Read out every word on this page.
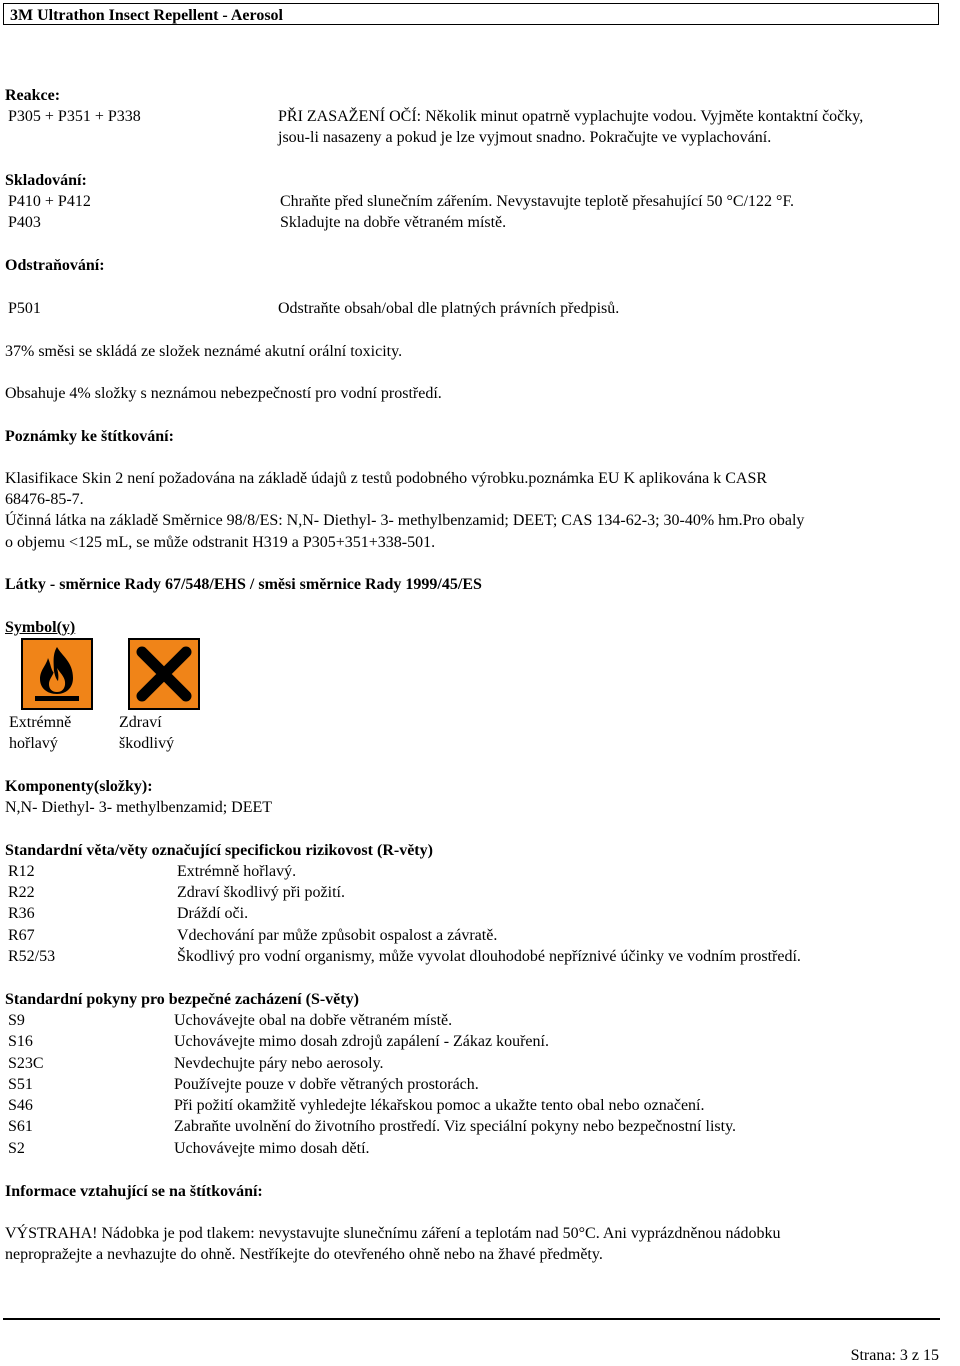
3M Ultrathon Insect Repellent - Aerosol
Reakce:
P305 + P351 + P338	PŘI ZASAŽENÍ OČÍ: Několik minut opatrně vyplachujte vodou. Vyjměte kontaktní čočky,
jsou-li nasazeny a pokud je lze vyjmout snadno. Pokračujte ve vyplachování.
Skladování:
P410 + P412	Chraňte před slunečním zářením. Nevystavujte teplotě přesahující 50 °C/122 °F.
P403	Skladujte na dobře větraném místě.
Odstraňování:
P501	Odstraňte obsah/obal dle platných právních předpisů.
37% směsi se skládá ze složek neznámé akutní orální toxicity.
Obsahuje 4% složky s neznámou nebezpečností pro vodní prostředí.
Poznámky ke štítkování:
Klasifikace Skin 2 není požadována na základě údajů z testů podobného výrobku.poznámka EU K aplikována k CASR
68476-85-7.
Účinná látka na základě Směrnice 98/8/ES: N,N- Diethyl- 3- methylbenzamid; DEET; CAS 134-62-3; 30-40% hm.Pro obaly
o objemu <125 mL, se může odstranit H319 a P305+351+338-501.
Látky - směrnice Rady 67/548/EHS / směsi směrnice Rady 1999/45/ES
Symbol(y)
Extrémně
hořlavý
Zdraví
škodlivý
Komponenty(složky):
N,N- Diethyl- 3- methylbenzamid; DEET
Standardní věta/věty označující specifickou rizikovost (R-věty)
R12	Extrémně hořlavý.
R22	Zdraví škodlivý při požití.
R36	Dráždí oči.
R67	Vdechování par může způsobit ospalost a závratě.
R52/53	Škodlivý pro vodní organismy, může vyvolat dlouhodobé nepříznivé účinky ve vodním prostředí.
Standardní pokyny pro bezpečné zacházení (S-věty)
S9	Uchovávejte obal na dobře větraném místě.
S16	Uchovávejte mimo dosah zdrojů zapálení - Zákaz kouření.
S23C	Nevdechujte páry nebo aerosoly.
S51	Používejte pouze v dobře větraných prostorách.
S46	Při požití okamžitě vyhledejte lékařskou pomoc a ukažte tento obal nebo označení.
S61	Zabraňte uvolnění do životního prostředí. Viz speciální pokyny nebo bezpečnostní listy.
S2	Uchovávejte mimo dosah dětí.
Informace vztahující se na štítkování:
VÝSTRAHA! Nádobka je pod tlakem: nevystavujte slunečnímu záření a teplotám nad 50°C. Ani vyprázdněnou nádobku
nepropražejte a nevhazujte do ohně. Nestříkejte do otevřeného ohně nebo na žhavé předměty.
Strana: 3 z 15
